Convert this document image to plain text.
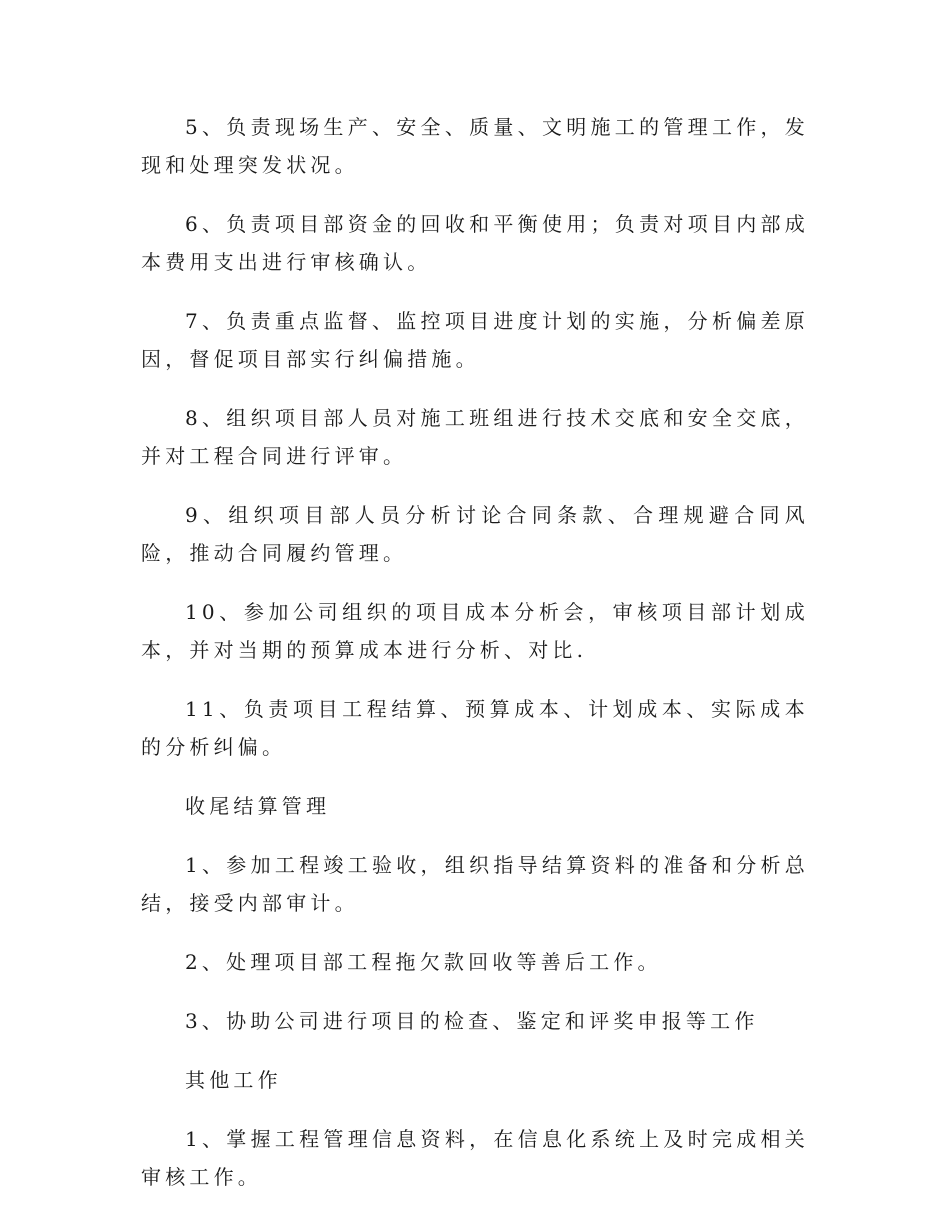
5、负责现场生产、安全、质量、文明施工的管理工作，发现和处理突发状况。

6、负责项目部资金的回收和平衡使用；负责对项目内部成本费用支出进行审核确认。

7、负责重点监督、监控项目进度计划的实施，分析偏差原因，督促项目部实行纠偏措施。

8、组织项目部人员对施工班组进行技术交底和安全交底，并对工程合同进行评审。

9、组织项目部人员分析讨论合同条款、合理规避合同风险，推动合同履约管理。

10、参加公司组织的项目成本分析会，审核项目部计划成本，并对当期的预算成本进行分析、对比.

11、负责项目工程结算、预算成本、计划成本、实际成本的分析纠偏。

收尾结算管理

1、参加工程竣工验收，组织指导结算资料的准备和分析总结，接受内部审计。

2、处理项目部工程拖欠款回收等善后工作。

3、协助公司进行项目的检查、鉴定和评奖申报等工作

其他工作

1、掌握工程管理信息资料，在信息化系统上及时完成相关审核工作。
